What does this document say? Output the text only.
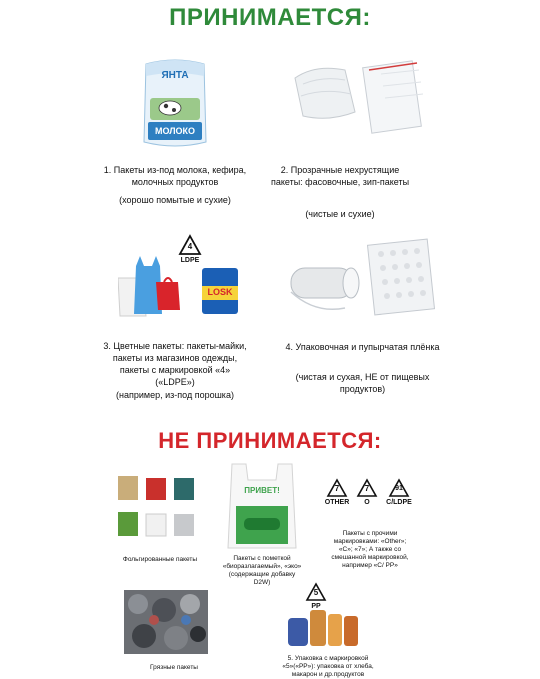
ПРИНИМАЕТСЯ:
ЯНТА
МОЛОКО
1. Пакеты из-под молока, кефира, молочных продуктов
(хорошо помытые и сухие)
2. Прозрачные нехрустящие пакеты: фасовочные, зип-пакеты
(чистые и сухие)
LOSK
4
LDPE
3. Цветные пакеты: пакеты-майки, пакеты из магазинов одежды, пакеты с маркировкой «4» («LDPE»)
(например, из-под порошка)
4. Упаковочная и пупырчатая плёнка
(чистая и сухая, НЕ от пищевых продуктов)
НЕ ПРИНИМАЕТСЯ:
Фольгированные пакеты
ПРИВЕТ!
Пакеты с пометкой «биоразлагаемый», «эко» (содержащие добавку D2W)
7
OTHER
7
O
91
C/LDPE
Пакеты с прочими маркировками: «Other»; «C»; «7»; А также со смешанной маркировкой, например «C/ PP»
Грязные пакеты
5
PP
5. Упаковка с маркировкой «5»(«PP»): упаковка от хлеба, макарон и др.продуктов
